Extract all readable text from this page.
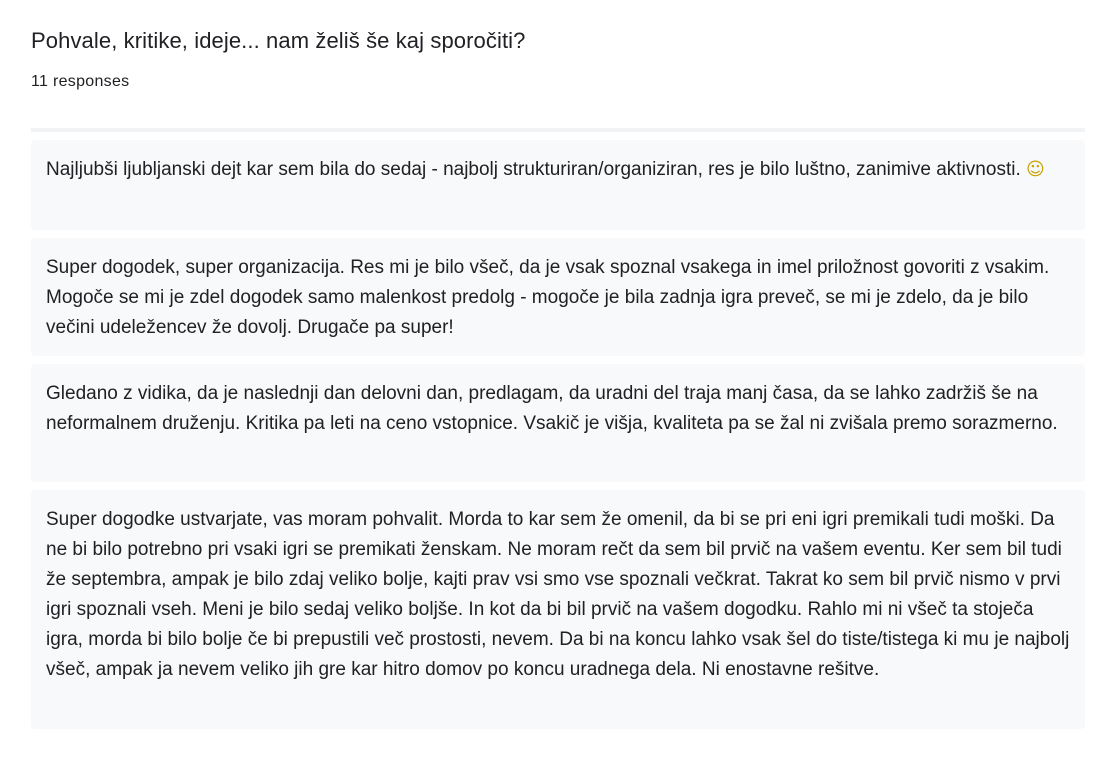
Pohvale, kritike, ideje... nam želiš še kaj sporočiti?
11 responses
Najljubši ljubljanski dejt kar sem bila do sedaj - najbolj strukturiran/organiziran, res je bilo luštno, zanimive aktivnosti. ☺
Super dogodek, super organizacija. Res mi je bilo všeč, da je vsak spoznal vsakega in imel priložnost govoriti z vsakim. Mogoče se mi je zdel dogodek samo malenkost predolg - mogoče je bila zadnja igra preveč, se mi je zdelo, da je bilo večini udeležencev že dovolj. Drugače pa super!
Gledano z vidika, da je naslednji dan delovni dan, predlagam, da uradni del traja manj časa, da se lahko zadržiš še na neformalnem druženju. Kritika pa leti na ceno vstopnice. Vsakič je višja, kvaliteta pa se žal ni zvišala premo sorazmerno.
Super dogodke ustvarjate, vas moram pohvalit. Morda to kar sem že omenil, da bi se pri eni igri premikali tudi moški. Da ne bi bilo potrebno pri vsaki igri se premikati ženskam. Ne moram rečt da sem bil prvič na vašem eventu. Ker sem bil tudi že septembra, ampak je bilo zdaj veliko bolje, kajti prav vsi smo vse spoznali večkrat. Takrat ko sem bil prvič nismo v prvi igri spoznali vseh. Meni je bilo sedaj veliko boljše. In kot da bi bil prvič na vašem dogodku. Rahlo mi ni všeč ta stoječa igra, morda bi bilo bolje če bi prepustili več prostosti, nevem. Da bi na koncu lahko vsak šel do tiste/tistega ki mu je najbolj všeč, ampak ja nevem veliko jih gre kar hitro domov po koncu uradnega dela. Ni enostavne rešitve.
